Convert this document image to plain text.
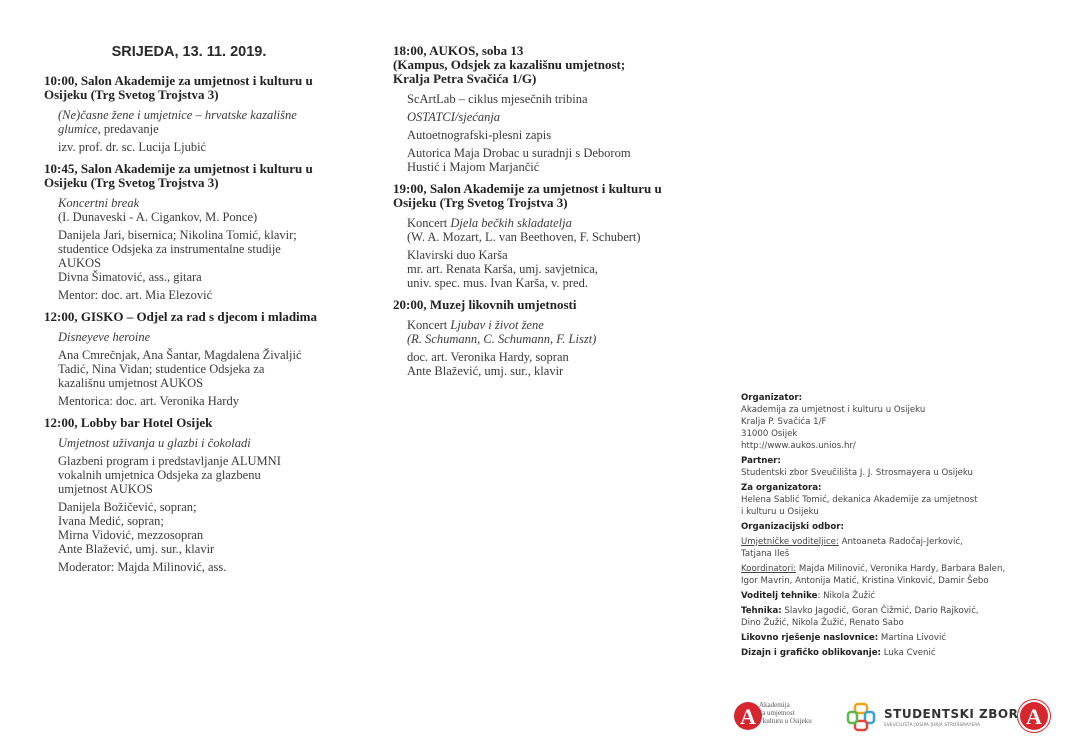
SRIJEDA, 13. 11. 2019.
10:00, Salon Akademije za umjetnost i kulturu u
Osijeku (Trg Svetog Trojstva 3)
(Ne)časne žene i umjetnice – hrvatske kazališne
glumice, predavanje
izv. prof. dr. sc. Lucija Ljubić
10:45, Salon Akademije za umjetnost i kulturu u
Osijeku (Trg Svetog Trojstva 3)
Koncertni break
(I. Dunaveski - A. Cigankov, M. Ponce)
Danijela Jari, bisernica; Nikolina Tomić, klavir;
studentice Odsjeka za instrumentalne studije
AUKOS
Divna Šimatović, ass., gitara
Mentor: doc. art. Mia Elezović
12:00, GISKO – Odjel za rad s djecom i mladima
Disneyeve heroine
Ana Cmrečnjak, Ana Šantar, Magdalena Živaljić
Tadić, Nina Vidan; studentice Odsjeka za
kazališnu umjetnost AUKOS
Mentorica: doc. art. Veronika Hardy
12:00, Lobby bar Hotel Osijek
Umjetnost uživanja u glazbi i čokoladi
Glazbeni program i predstavljanje ALUMNI
vokalnih umjetnica Odsjeka za glazbenu
umjetnost AUKOS
Danijela Božičević, sopran;
Ivana Medić, sopran;
Mirna Vidović, mezzosopran
Ante Blažević, umj. sur., klavir
Moderator: Majda Milinović, ass.
18:00, AUKOS, soba 13
(Kampus, Odsjek za kazališnu umjetnost;
Kralja Petra Svačića 1/G)
ScArtLab – ciklus mjesečnih tribina
OSTATCI/sjećanja
Autoetnografski-plesni zapis
Autorica Maja Drobac u suradnji s Deborom
Hustić i Majom Marjančić
19:00, Salon Akademije za umjetnost i kulturu u
Osijeku (Trg Svetog Trojstva 3)
Koncert Djela bečkih skladatelja
(W. A. Mozart, L. van Beethoven, F. Schubert)
Klavirski duo Karša
mr. art. Renata Karša, umj. savjetnica,
univ. spec. mus. Ivan Karša, v. pred.
20:00, Muzej likovnih umjetnosti
Koncert Ljubav i život žene
(R. Schumann, C. Schumann, F. Liszt)
doc. art. Veronika Hardy, sopran
Ante Blažević, umj. sur., klavir
Organizator:
Akademija za umjetnost i kulturu u Osijeku
Kralja P. Svačića 1/F
31000 Osijek
http://www.aukos.unios.hr/
Partner:
Studentski zbor Sveučilišta J. J. Strosmayera u Osijeku
Za organizatora:
Helena Sablić Tomić, dekanica Akademije za umjetnost
i kulturu u Osijeku
Organizacijski odbor:
Umjetničke voditeljice: Antoaneta Radočaj-Jerković,
Tatjana Ileš
Koordinatori: Majda Milinović, Veronika Hardy, Barbara Balen,
Igor Mavrin, Antonija Matić, Kristina Vinković, Damir Šebo
Voditelj tehnike: Nikola Žužić
Tehnika: Slavko Jagodić, Goran Čižmić, Dario Rajković,
Dino Žužić, Nikola Žužić, Renato Sabo
Likovno rješenje naslovnice: Martina Livović
Dizajn i grafičko oblikovanje: Luka Cvenić
A Akademija
za umjetnost
i kulturu u Osijeku	STUDENTSKI ZBOR
SVEUČILIŠTA JOSIPA JURJA STROSSMAYERA A
